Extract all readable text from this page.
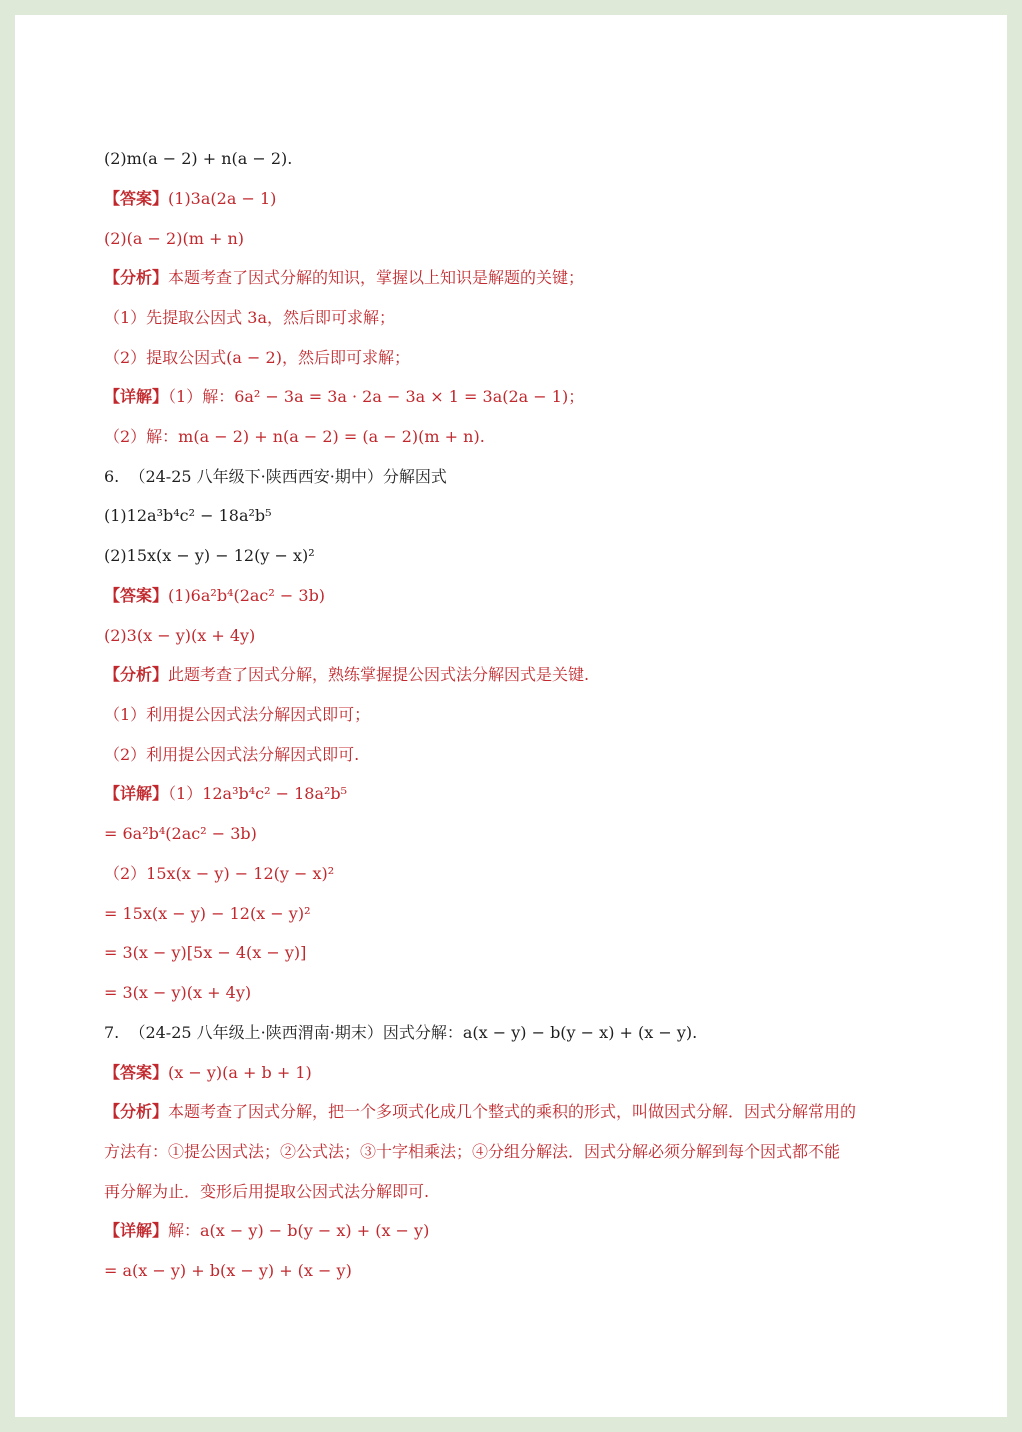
(2)m(a − 2) + n(a − 2).
【答案】(1)3a(2a − 1)
(2)(a − 2)(m + n)
【分析】本题考查了因式分解的知识，掌握以上知识是解题的关键；
（1）先提取公因式 3a，然后即可求解；
（2）提取公因式(a − 2)，然后即可求解；
【详解】（1）解：6a² − 3a = 3a · 2a − 3a × 1 = 3a(2a − 1)；
（2）解：m(a − 2) + n(a − 2) = (a − 2)(m + n).
6.  （24-25 八年级下·陕西西安·期中）分解因式
(1)12a³b⁴c² − 18a²b⁵
(2)15x(x − y) − 12(y − x)²
【答案】(1)6a²b⁴(2ac² − 3b)
(2)3(x − y)(x + 4y)
【分析】此题考查了因式分解，熟练掌握提公因式法分解因式是关键.
（1）利用提公因式法分解因式即可；
（2）利用提公因式法分解因式即可.
【详解】（1）12a³b⁴c² − 18a²b⁵
= 6a²b⁴(2ac² − 3b)
（2）15x(x − y) − 12(y − x)²
= 15x(x − y) − 12(x − y)²
= 3(x − y)[5x − 4(x − y)]
= 3(x − y)(x + 4y)
7.  （24-25 八年级上·陕西渭南·期末）因式分解：a(x − y) − b(y − x) + (x − y).
【答案】(x − y)(a + b + 1)
【分析】本题考查了因式分解，把一个多项式化成几个整式的乘积的形式，叫做因式分解．因式分解常用的
方法有：①提公因式法；②公式法；③十字相乘法；④分组分解法．因式分解必须分解到每个因式都不能
再分解为止．变形后用提取公因式法分解即可.
【详解】解：a(x − y) − b(y − x) + (x − y)
= a(x − y) + b(x − y) + (x − y)
